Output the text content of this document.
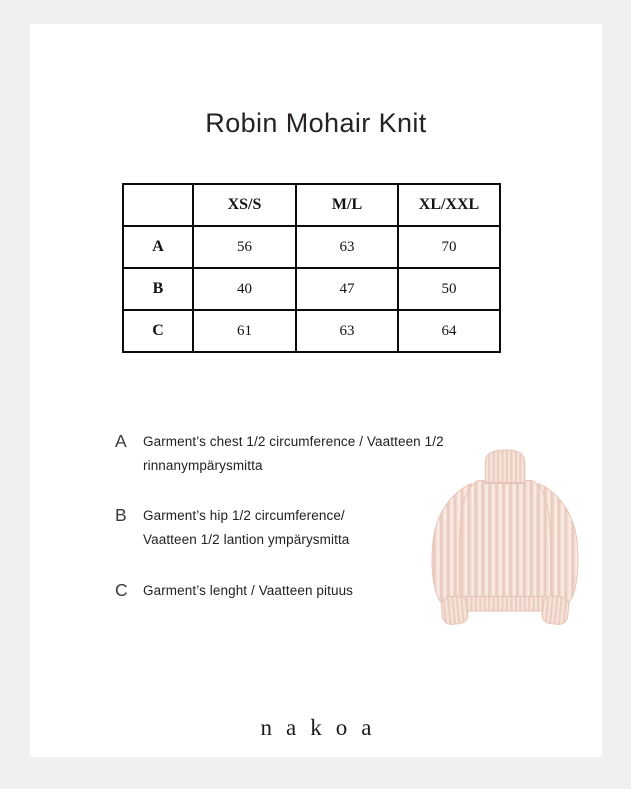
Robin Mohair Knit
	XS/S	M/L	XL/XXL
A	56	63	70
B	40	47	50
C	61	63	64
A	Garment’s chest 1/2 circumference / Vaatteen 1/2
rinnanympärysmitta
B	Garment’s hip 1/2 circumference/
Vaatteen 1/2 lantion ympärysmitta
C	Garment’s lenght / Vaatteen pituus
nakoa
